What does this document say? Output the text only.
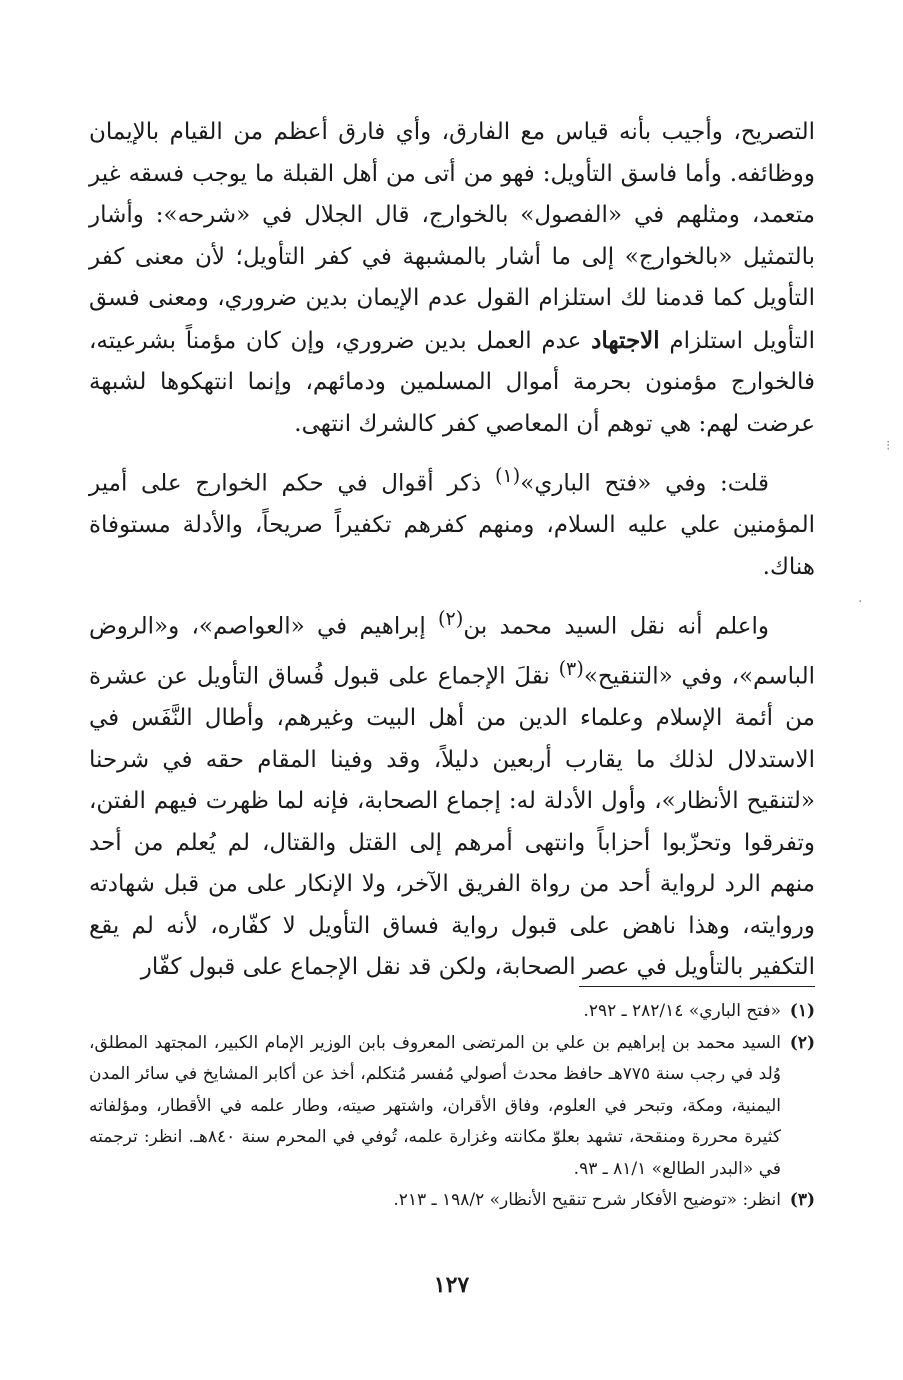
التصريح، وأجيب بأنه قياس مع الفارق، وأي فارق أعظم من القيام بالإيمان ووظائفه. وأما فاسق التأويل: فهو من أتى من أهل القبلة ما يوجب فسقه غير متعمد، ومثلهم في «الفصول» بالخوارج، قال الجلال في «شرحه»: وأشار بالتمثيل «بالخوارج» إلى ما أشار بالمشبهة في كفر التأويل؛ لأن معنى كفر التأويل كما قدمنا لك استلزام القول عدم الإيمان بدين ضروري، ومعنى فسق التأويل استلزام الاجتهاد عدم العمل بدين ضروري، وإن كان مؤمناً بشرعيته، فالخوارج مؤمنون بحرمة أموال المسلمين ودمائهم، وإنما انتهكوها لشبهة عرضت لهم: هي توهم أن المعاصي كفر كالشرك انتهى.

قلت: وفي «فتح الباري»$^{(١)}$ ذكر أقوال في حكم الخوارج على أمير المؤمنين علي عليه السلام، ومنهم كفرهم تكفيراً صريحاً، والأدلة مستوفاة هناك.

واعلم أنه نقل السيد محمد بن$^{(٢)}$ إبراهيم في «العواصم»، و«الروض الباسم»، وفي «التنقيح»$^{(٣)}$ نقلَ الإجماع على قبول فُساق التأويل عن عشرة من أئمة الإسلام وعلماء الدين من أهل البيت وغيرهم، وأطال النَّفَس في الاستدلال لذلك ما يقارب أربعين دليلاً، وقد وفينا المقام حقه في شرحنا «لتنقيح الأنظار»، وأول الأدلة له: إجماع الصحابة، فإنه لما ظهرت فيهم الفتن، وتفرقوا وتحزّبوا أحزاباً وانتهى أمرهم إلى القتل والقتال، لم يُعلم من أحد منهم الرد لرواية أحد من رواة الفريق الآخر، ولا الإنكار على من قبل شهادته وروايته، وهذا ناهض على قبول رواية فساق التأويل لا كفّاره، لأنه لم يقع التكفير بالتأويل في عصر الصحابة، ولكن قد نقل الإجماع على قبول كفّار

(١)
«فتح الباري» ٢٨٢/١٤ ـ ٢٩٢.
(٢)
السيد محمد بن إبراهيم بن علي بن المرتضى المعروف بابن الوزير الإمام الكبير، المجتهد المطلق، وُلد في رجب سنة ٧٧٥هـ حافظ محدث أصولي مُفسر مُتكلم، أخذ عن أكابر المشايخ في سائر المدن اليمنية، ومكة، وتبحر في العلوم، وفاق الأقران، واشتهر صيته، وطار علمه في الأقطار، ومؤلفاته كثيرة محررة ومنقحة، تشهد بعلوّ مكانته وغزارة علمه، تُوفي في المحرم سنة ٨٤٠هـ. انظر: ترجمته في «البدر الطالع» ٨١/١ ـ ٩٣.
(٣)
انظر: «توضيح الأفكار شرح تنقيح الأنظار» ١٩٨/٢ ـ ٢١٣.
١٢٧
⁝
·
